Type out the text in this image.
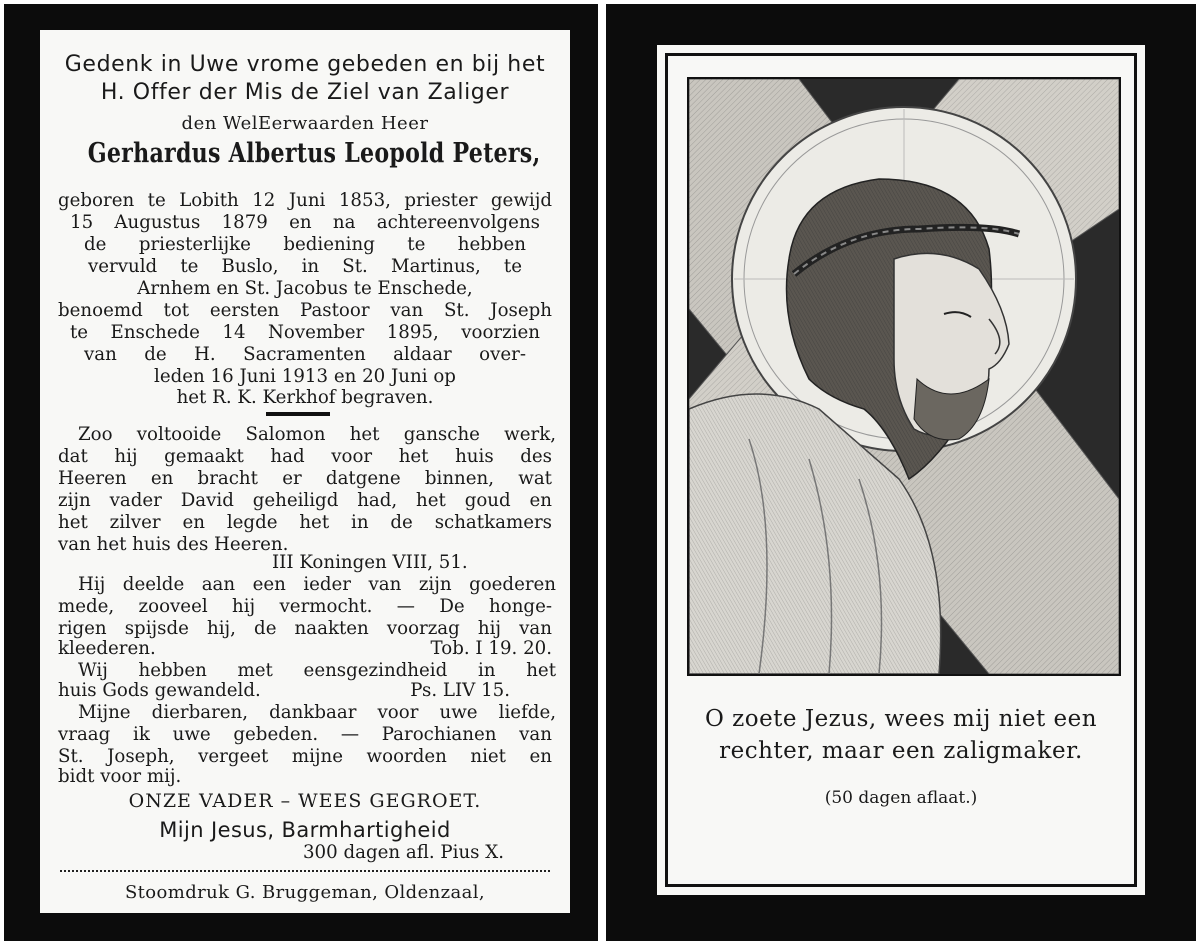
Gedenk in Uwe vrome gebeden en bij het
H. Offer der Mis de Ziel van Zaliger
den WelEerwaarden Heer
Gerhardus Albertus Leopold Peters,
geboren te Lobith 12 Juni 1853, priester gewijd
15 Augustus 1879 en na achtereenvolgens
de priesterlijke bediening te hebben
vervuld te Buslo, in St. Martinus, te
Arnhem en St. Jacobus te Enschede,
benoemd tot eersten Pastoor van St. Joseph
te Enschede 14 November 1895, voorzien
van de H. Sacramenten aldaar over-
leden 16 Juni 1913 en 20 Juni op
het R. K. Kerkhof begraven.
Zoo voltooide Salomon het gansche werk,
dat hij gemaakt had voor het huis des
Heeren en bracht er datgene binnen, wat
zijn vader David geheiligd had, het goud en
het zilver en legde het in de schatkamers
van het huis des Heeren.
III Koningen VIII, 51.
Hij deelde aan een ieder van zijn goederen
mede, zooveel hij vermocht. — De honge-
rigen spijsde hij, de naakten voorzag hij van
kleederen.	Tob. I 19. 20.
Wij hebben met eensgezindheid in het
huis Gods gewandeld.	Ps. LIV 15.
Mijne dierbaren, dankbaar voor uwe liefde,
vraag ik uwe gebeden. — Parochianen van
St. Joseph, vergeet mijne woorden niet en
bidt voor mij.
ONZE VADER – WEES GEGROET.
Mijn Jesus, Barmhartigheid
300 dagen afl. Pius X.
Stoomdruk G. Bruggeman, Oldenzaal,
O zoete Jezus, wees mij niet een
rechter, maar een zaligmaker.
(50 dagen aflaat.)
